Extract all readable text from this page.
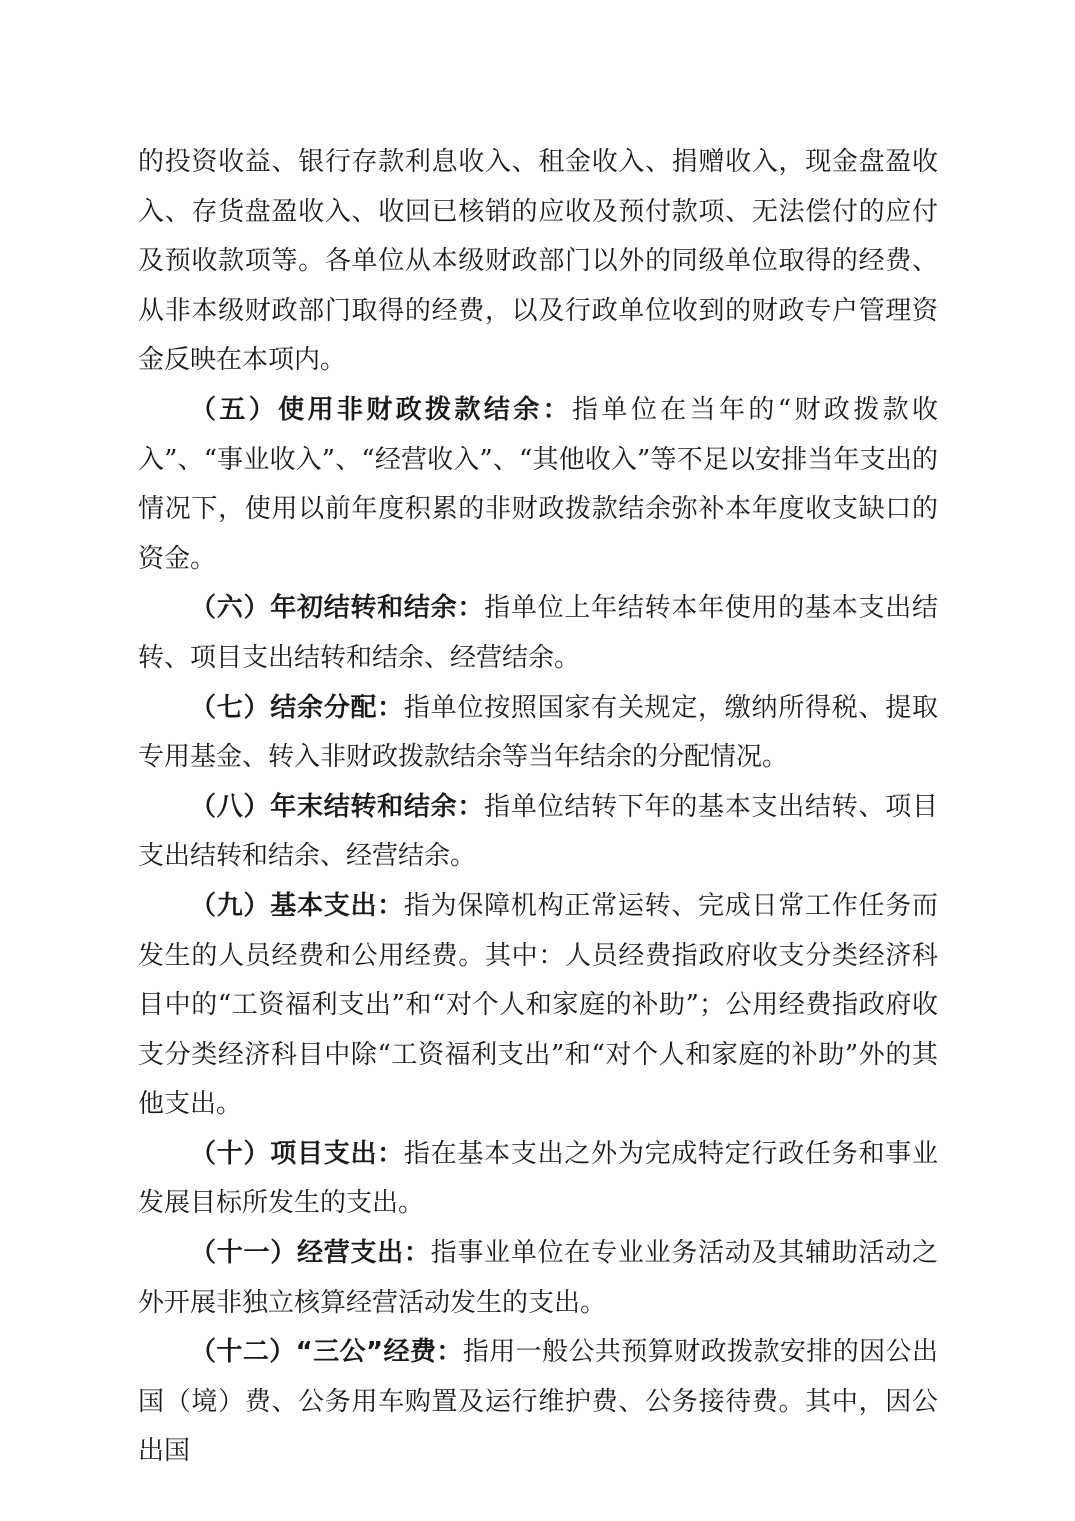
的投资收益、银行存款利息收入、租金收入、捐赠收入，现金盘盈收入、存货盘盈收入、收回已核销的应收及预付款项、无法偿付的应付及预收款项等。各单位从本级财政部门以外的同级单位取得的经费、从非本级财政部门取得的经费，以及行政单位收到的财政专户管理资金反映在本项内。

（五）使用非财政拨款结余：指单位在当年的“财政拨款收入”、“事业收入”、“经营收入”、“其他收入”等不足以安排当年支出的情况下，使用以前年度积累的非财政拨款结余弥补本年度收支缺口的资金。

（六）年初结转和结余：指单位上年结转本年使用的基本支出结转、项目支出结转和结余、经营结余。

（七）结余分配：指单位按照国家有关规定，缴纳所得税、提取专用基金、转入非财政拨款结余等当年结余的分配情况。

（八）年末结转和结余：指单位结转下年的基本支出结转、项目支出结转和结余、经营结余。

（九）基本支出：指为保障机构正常运转、完成日常工作任务而发生的人员经费和公用经费。其中：人员经费指政府收支分类经济科目中的“工资福利支出”和“对个人和家庭的补助”；公用经费指政府收支分类经济科目中除“工资福利支出”和“对个人和家庭的补助”外的其他支出。

（十）项目支出：指在基本支出之外为完成特定行政任务和事业发展目标所发生的支出。

（十一）经营支出：指事业单位在专业业务活动及其辅助活动之外开展非独立核算经营活动发生的支出。

（十二）“三公”经费：指用一般公共预算财政拨款安排的因公出国（境）费、公务用车购置及运行维护费、公务接待费。其中，因公出国
